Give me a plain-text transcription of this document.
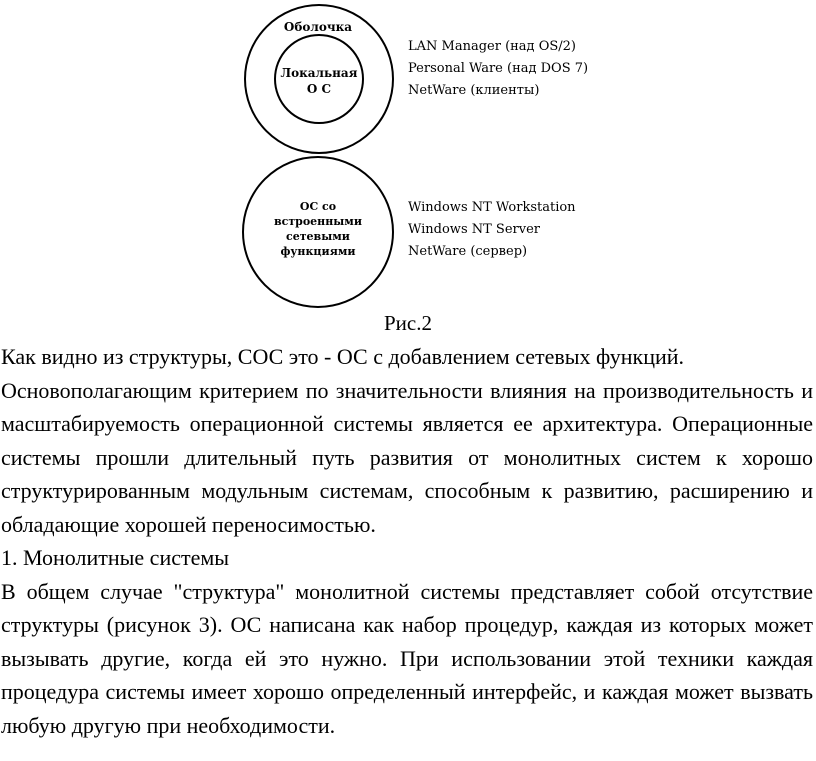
Оболочка
Локальная
О С
LAN Manager (над OS/2)
Personal Ware (над DOS 7)
NetWare (клиенты)
ОС со
встроенными
сетевыми
функциями
Windows NT Workstation
Windows NT Server
NetWare (сервер)
Рис.2

Как видно из структуры, СОС это - ОС с добавлением сетевых функций.

Основополагающим критерием по значительности влияния на производительность и масштабируемость операционной системы является ее архитектура. Операционные системы прошли длительный путь развития от монолитных систем к хорошо структурированным модульным системам, способным к развитию, расширению и обладающие хорошей переносимостью.

1. Монолитные системы

В общем случае "структура" монолитной системы представляет собой отсутствие структуры (рисунок 3). ОС написана как набор процедур, каждая из которых может вызывать другие, когда ей это нужно. При использовании этой техники каждая процедура системы имеет хорошо определенный интерфейс, и каждая может вызвать любую другую при необходимости.
